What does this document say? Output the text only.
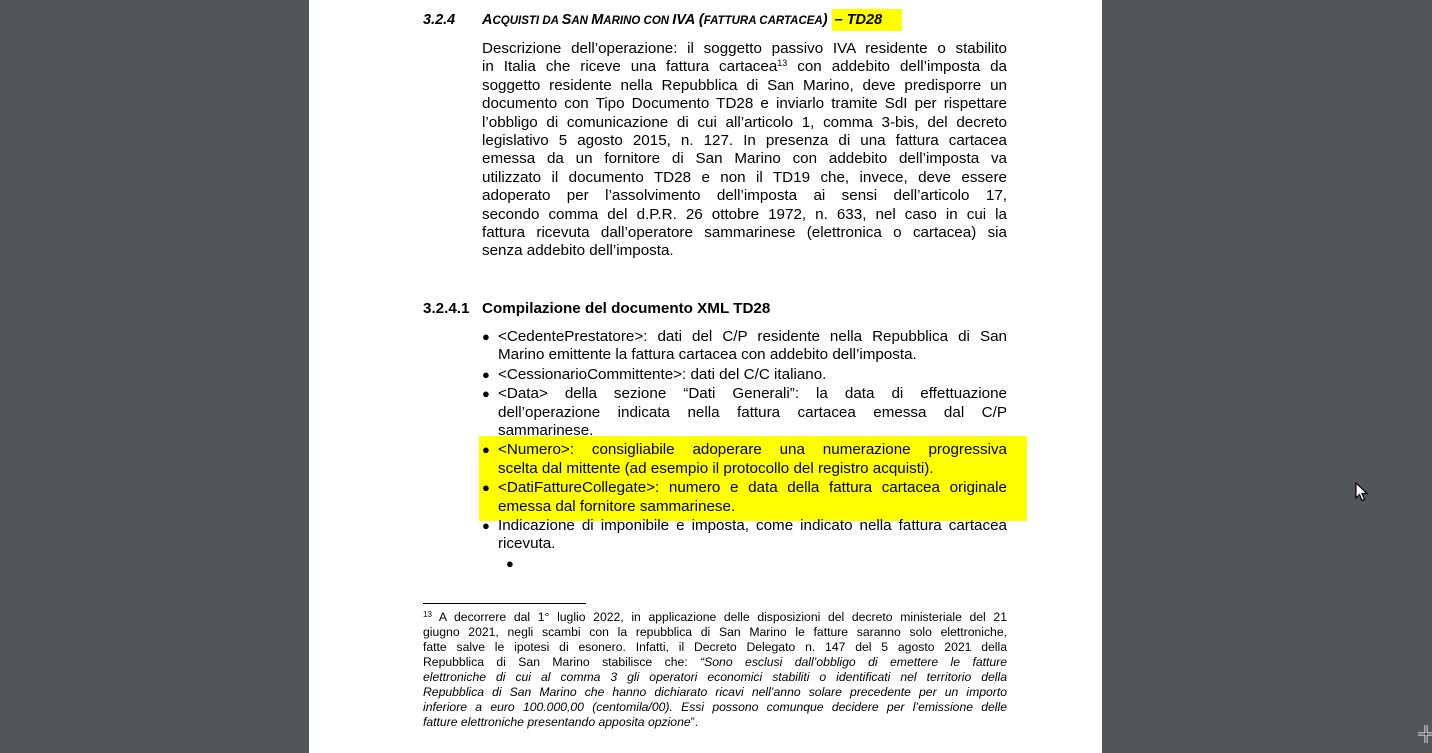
3.2.4 ACQUISTI DA SAN MARINO CON IVA (FATTURA CARTACEA) – TD28
Descrizione dell’operazione: il soggetto passivo IVA residente o stabilito
in Italia che riceve una fattura cartacea$^{13}$ con addebito dell’imposta da
soggetto residente nella Repubblica di San Marino, deve predisporre un
documento con Tipo Documento TD28 e inviarlo tramite SdI per rispettare
l’obbligo di comunicazione di cui all’articolo 1, comma 3-bis, del decreto
legislativo 5 agosto 2015, n. 127. In presenza di una fattura cartacea
emessa da un fornitore di San Marino con addebito dell’imposta va
utilizzato il documento TD28 e non il TD19 che, invece, deve essere
adoperato per l’assolvimento dell’imposta ai sensi dell’articolo 17,
secondo comma del d.P.R. 26 ottobre 1972, n. 633, nel caso in cui la
fattura ricevuta dall’operatore sammarinese (elettronica o cartacea) sia
senza addebito dell’imposta.
3.2.4.1 Compilazione del documento XML TD28
● <CedentePrestatore>: dati del C/P residente nella Repubblica di San
Marino emittente la fattura cartacea con addebito dell’imposta.
● <CessionarioCommittente>: dati del C/C italiano.
● <Data> della sezione “Dati Generali”: la data di effettuazione
dell’operazione indicata nella fattura cartacea emessa dal C/P
sammarinese.
● <Numero>: consigliabile adoperare una numerazione progressiva
scelta dal mittente (ad esempio il protocollo del registro acquisti).
● <DatiFattureCollegate>: numero e data della fattura cartacea originale
emessa dal fornitore sammarinese.
● Indicazione di imponibile e imposta, come indicato nella fattura cartacea
ricevuta.
●
$^{13}$ A decorrere dal 1° luglio 2022, in applicazione delle disposizioni del decreto ministeriale del 21
giugno 2021, negli scambi con la repubblica di San Marino le fatture saranno solo elettroniche,
fatte salve le ipotesi di esonero. Infatti, il Decreto Delegato n. 147 del 5 agosto 2021 della
Repubblica di San Marino stabilisce che: “Sono esclusi dall’obbligo di emettere le fatture
elettroniche di cui al comma 3 gli operatori economici stabiliti o identificati nel territorio della
Repubblica di San Marino che hanno dichiarato ricavi nell’anno solare precedente per un importo
inferiore a euro 100.000,00 (centomila/00). Essi possono comunque decidere per l’emissione delle
fatture elettroniche presentando apposita opzione”.
